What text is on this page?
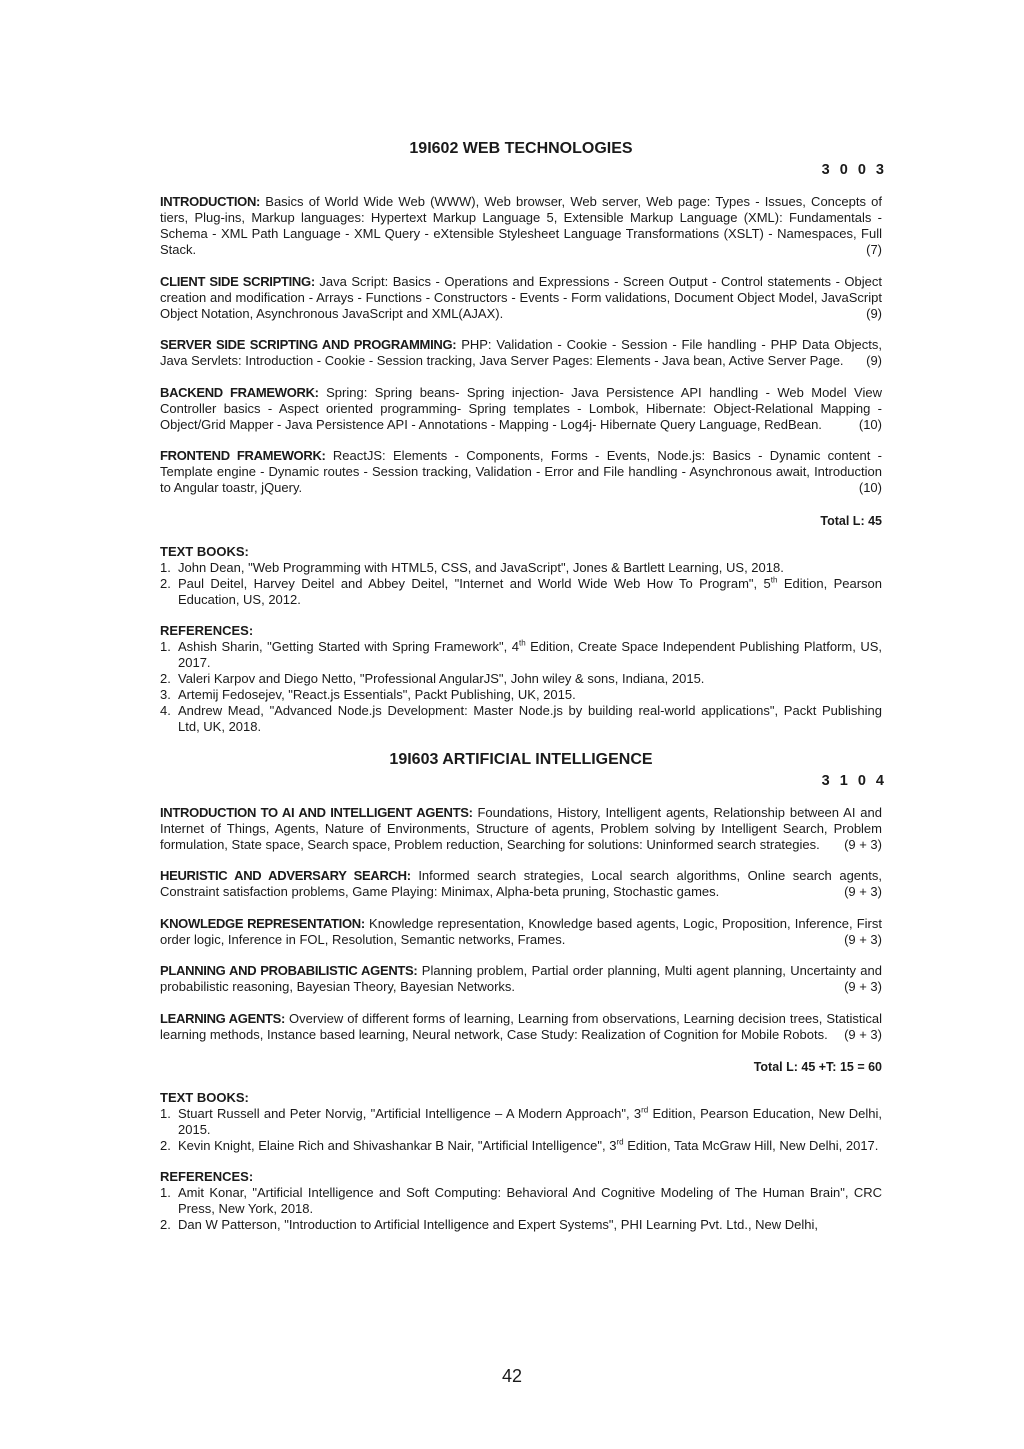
19I602 WEB TECHNOLOGIES

3 0 0 3

INTRODUCTION: Basics of World Wide Web (WWW), Web browser, Web server, Web page: Types - Issues, Concepts of tiers, Plug-ins, Markup languages: Hypertext Markup Language 5, Extensible Markup Language (XML): Fundamentals - Schema - XML Path Language - XML Query - eXtensible Stylesheet Language Transformations (XSLT) - Namespaces, Full Stack.	(7)

CLIENT SIDE SCRIPTING: Java Script: Basics - Operations and Expressions - Screen Output - Control statements - Object creation and modification - Arrays - Functions - Constructors - Events - Form validations, Document Object Model, JavaScript Object Notation, Asynchronous JavaScript and XML(AJAX).	(9)

SERVER SIDE SCRIPTING AND PROGRAMMING: PHP: Validation - Cookie - Session - File handling - PHP Data Objects, Java Servlets: Introduction - Cookie - Session tracking, Java Server Pages: Elements - Java bean, Active Server Page. (9)

BACKEND FRAMEWORK: Spring: Spring beans- Spring injection- Java Persistence API handling - Web Model View Controller basics - Aspect oriented programming- Spring templates - Lombok, Hibernate: Object-Relational Mapping - Object/Grid Mapper - Java Persistence API - Annotations - Mapping - Log4j- Hibernate Query Language, RedBean.	(10)

FRONTEND FRAMEWORK: ReactJS: Elements - Components, Forms - Events, Node.js: Basics - Dynamic content - Template engine - Dynamic routes - Session tracking, Validation - Error and File handling - Asynchronous await, Introduction to Angular toastr, jQuery.	(10)

Total L: 45

TEXT BOOKS:

1. John Dean, "Web Programming with HTML5, CSS, and JavaScript", Jones & Bartlett Learning, US, 2018.
2. Paul Deitel, Harvey Deitel and Abbey Deitel, "Internet and World Wide Web How To Program", 5th Edition, Pearson Education, US, 2012.

REFERENCES:

1. Ashish Sharin, "Getting Started with Spring Framework", 4th Edition, Create Space Independent Publishing Platform, US, 2017.
2. Valeri Karpov and Diego Netto, "Professional AngularJS", John wiley & sons, Indiana, 2015.
3. Artemij Fedosejev, "React.js Essentials", Packt Publishing, UK, 2015.
4. Andrew Mead, "Advanced Node.js Development: Master Node.js by building real-world applications", Packt Publishing Ltd, UK, 2018.
19I603 ARTIFICIAL INTELLIGENCE

3 1 0 4

INTRODUCTION TO AI AND INTELLIGENT AGENTS: Foundations, History, Intelligent agents, Relationship between AI and Internet of Things, Agents, Nature of Environments, Structure of agents, Problem solving by Intelligent Search, Problem formulation, State space, Search space, Problem reduction, Searching for solutions: Uninformed search strategies. (9 + 3)

HEURISTIC AND ADVERSARY SEARCH: Informed search strategies, Local search algorithms, Online search agents, Constraint satisfaction problems, Game Playing: Minimax, Alpha-beta pruning, Stochastic games.	(9 + 3)

KNOWLEDGE REPRESENTATION: Knowledge representation, Knowledge based agents, Logic, Proposition, Inference, First order logic, Inference in FOL, Resolution, Semantic networks, Frames.	(9 + 3)

PLANNING AND PROBABILISTIC AGENTS: Planning problem, Partial order planning, Multi agent planning, Uncertainty and probabilistic reasoning, Bayesian Theory, Bayesian Networks.	(9 + 3)

LEARNING AGENTS: Overview of different forms of learning, Learning from observations, Learning decision trees, Statistical learning methods, Instance based learning, Neural network, Case Study: Realization of Cognition for Mobile Robots. (9 + 3)

Total L: 45 +T: 15 = 60

TEXT BOOKS:

1. Stuart Russell and Peter Norvig, "Artificial Intelligence – A Modern Approach", 3rd Edition, Pearson Education, New Delhi, 2015.
2. Kevin Knight, Elaine Rich and Shivashankar B Nair, "Artificial Intelligence", 3rd Edition, Tata McGraw Hill, New Delhi, 2017.

REFERENCES:

1. Amit Konar, "Artificial Intelligence and Soft Computing: Behavioral And Cognitive Modeling of The Human Brain", CRC Press, New York, 2018.
2. Dan W Patterson, "Introduction to Artificial Intelligence and Expert Systems", PHI Learning Pvt. Ltd., New Delhi,
42
